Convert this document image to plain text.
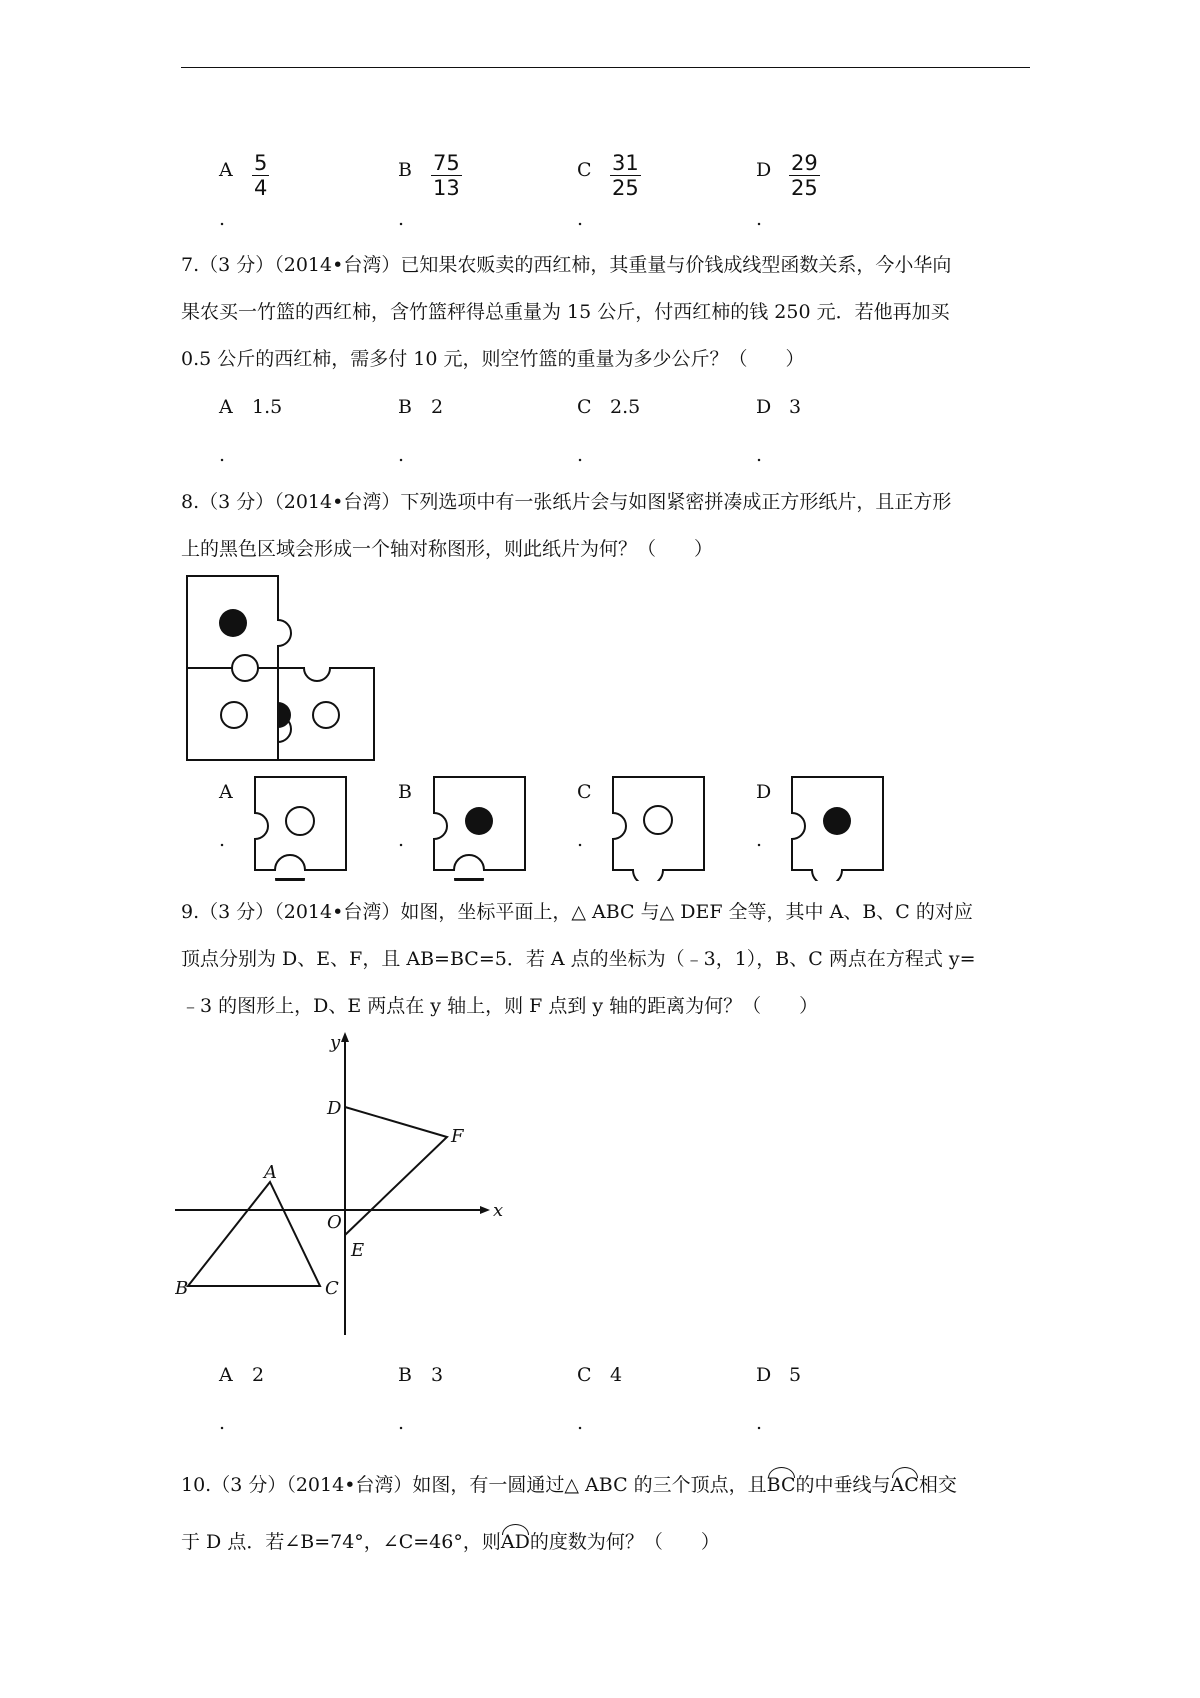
A $\frac{5}{4}$
.
B $\frac{75}{13}$
.
C $\frac{31}{25}$
.
D $\frac{29}{25}$
.
7.（3 分）（2014•台湾）已知果农贩卖的西红柿，其重量与价钱成线型函数关系，今小华向
果农买一竹篮的西红柿，含竹篮秤得总重量为 15 公斤，付西红柿的钱 250 元．若他再加买
0.5 公斤的西红柿，需多付 10 元，则空竹篮的重量为多少公斤？（　　）
A 1.5
.
B 2
.
C 2.5
.
D 3
.
8.（3 分）（2014•台湾）下列选项中有一张纸片会与如图紧密拼凑成正方形纸片，且正方形
上的黑色区域会形成一个轴对称图形，则此纸片为何？（　　）
A
.
B
.
C
.
D
.
9.（3 分）（2014•台湾）如图，坐标平面上，△ ABC 与△ DEF 全等，其中 A、B、C 的对应
顶点分别为 D、E、F，且 AB=BC=5．若 A 点的坐标为（﹣3，1），B、C 两点在方程式 y=
﹣3 的图形上，D、E 两点在 y 轴上，则 F 点到 y 轴的距离为何？（　　）
y
x
O
A
B	C
D
E
F
A 2
.
B 3
.
C 4
.
D 5
.
10.（3 分）（2014•台湾）如图，有一圆通过△ ABC 的三个顶点，且BC的中垂线与AC相交
于 D 点．若∠B=74°，∠C=46°，则AD的度数为何？（　　）
